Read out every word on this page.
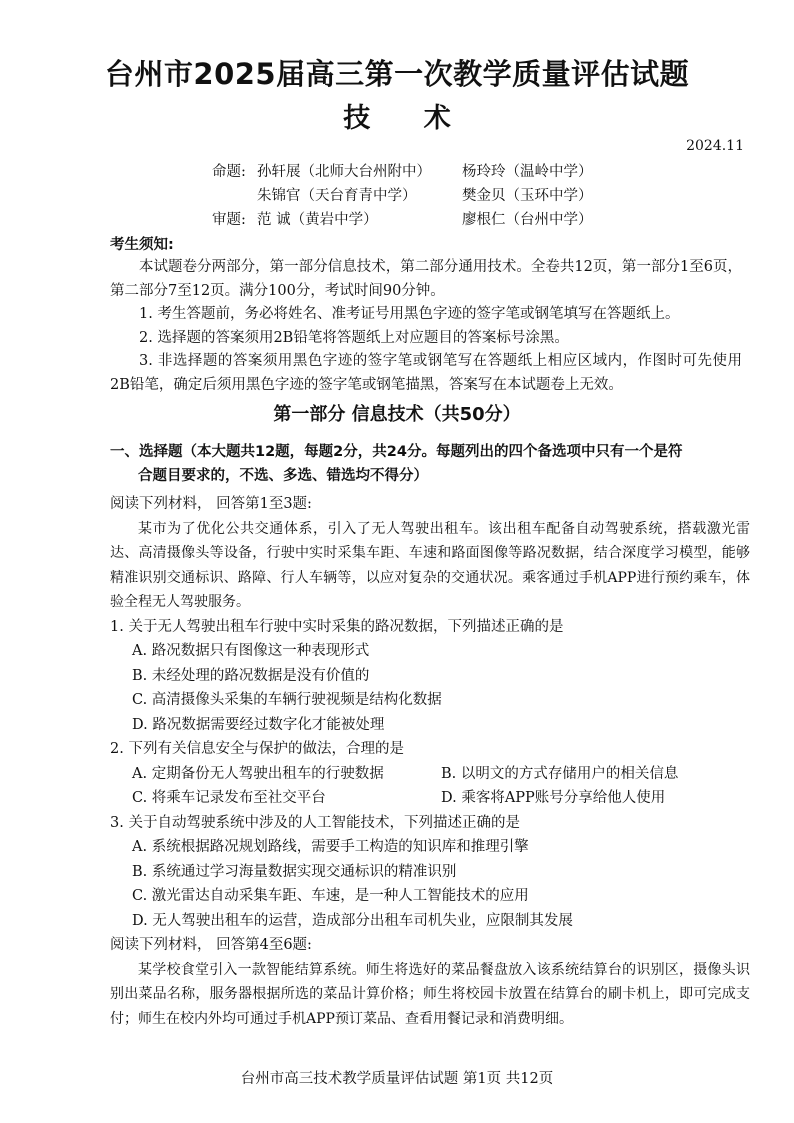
台州市2025届高三第一次教学质量评估试题
技 术
2024.11
命题: 孙轩展（北师大台州附中）	杨玲玲（温岭中学）
朱锦官（天台育青中学）	樊金贝（玉环中学）
审题: 范 诚（黄岩中学）	廖根仁（台州中学）
考生须知:

本试题卷分两部分，第一部分信息技术，第二部分通用技术。全卷共12页，第一部分1至6页，第二部分7至12页。满分100分，考试时间90分钟。

1. 考生答题前，务必将姓名、准考证号用黑色字迹的签字笔或钢笔填写在答题纸上。

2. 选择题的答案须用2B铅笔将答题纸上对应题目的答案标号涂黑。

3. 非选择题的答案须用黑色字迹的签字笔或钢笔写在答题纸上相应区域内，作图时可先使用2B铅笔，确定后须用黑色字迹的签字笔或钢笔描黑，答案写在本试题卷上无效。

第一部分 信息技术（共50分）
一、选择题（本大题共12题，每题2分，共24分。每题列出的四个备选项中只有一个是符
合题目要求的，不选、多选、错选均不得分）

阅读下列材料， 回答第1至3题:

某市为了优化公共交通体系，引入了无人驾驶出租车。该出租车配备自动驾驶系统，搭载激光雷达、高清摄像头等设备，行驶中实时采集车距、车速和路面图像等路况数据，结合深度学习模型，能够精准识别交通标识、路障、行人车辆等，以应对复杂的交通状况。乘客通过手机APP进行预约乘车，体验全程无人驾驶服务。

1. 关于无人驾驶出租车行驶中实时采集的路况数据，下列描述正确的是

A. 路况数据只有图像这一种表现形式

B. 未经处理的路况数据是没有价值的

C. 高清摄像头采集的车辆行驶视频是结构化数据

D. 路况数据需要经过数字化才能被处理

2. 下列有关信息安全与保护的做法，合理的是

A. 定期备份无人驾驶出租车的行驶数据	B. 以明文的方式存储用户的相关信息
C. 将乘车记录发布至社交平台	D. 乘客将APP账号分享给他人使用

3. 关于自动驾驶系统中涉及的人工智能技术，下列描述正确的是

A. 系统根据路况规划路线，需要手工构造的知识库和推理引擎

B. 系统通过学习海量数据实现交通标识的精准识别

C. 激光雷达自动采集车距、车速，是一种人工智能技术的应用

D. 无人驾驶出租车的运营，造成部分出租车司机失业，应限制其发展

阅读下列材料， 回答第4至6题:

某学校食堂引入一款智能结算系统。师生将选好的菜品餐盘放入该系统结算台的识别区，摄像头识别出菜品名称，服务器根据所选的菜品计算价格；师生将校园卡放置在结算台的刷卡机上，即可完成支付；师生在校内外均可通过手机APP预订菜品、查看用餐记录和消费明细。

台州市高三技术教学质量评估试题 第1页 共12页
